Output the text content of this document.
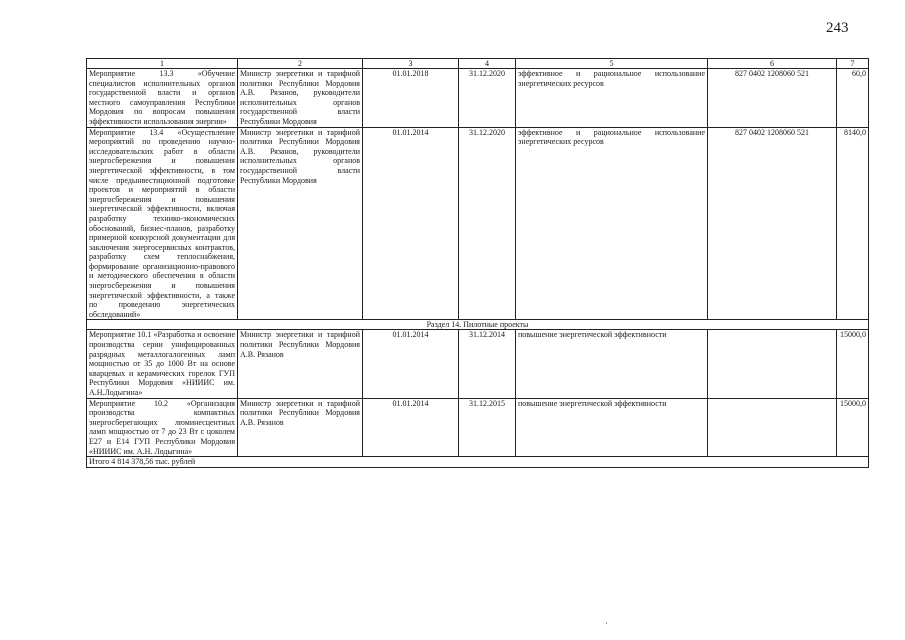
243
1	2	3	4	5	6	7
Мероприятие 13.3 «Обучение специалистов исполнительных органов государственной власти и органов местного самоуправления Республики Мордовия по вопросам повышения эффективности использования энергии»	Министр энергетики и тарифной политики Республики Мордовия А.В. Рязанов, руководители исполнительных органов государственной власти Республики Мордовия	01.01.2018	31.12.2020	эффективное и рациональное использование энергетических ресурсов	827 0402 1208060 521	60,0
Мероприятие 13.4 «Осуществление мероприятий по проведению научно-исследовательских работ в области энергосбережения и повышения энергетической эффективности, в том числе предынвестиционной подготовке проектов и мероприятий в области энергосбережения и повышения энергетической эффективности, включая разработку технико-экономических обоснований, бизнес-планов, разработку примерной конкурсной документации для заключения энергосервисных контрактов, разработку схем теплоснабжения, формирование организационно-правового и методического обеспечения в области энергосбережения и повышения энергетической эффективности, а также по проведению энергетических обследований»	Министр энергетики и тарифной политики Республики Мордовия А.В. Рязанов, руководители исполнительных органов государственной власти Республики Мордовия	01.01.2014	31.12.2020	эффективное и рациональное использование энергетических ресурсов	827 0402 1208060 521	8140,0
Раздел 14. Пилотные проекты						
Мероприятие 10.1 «Разработка и освоение производства серии унифицированных разрядных металлогалогенных ламп мощностью от 35 до 1000 Вт на основе кварцевых и керамических горелок ГУП Республики Мордовия «НИИИС им. А.Н.Лодыгина»	Министр энергетики и тарифной политики Республики Мордовия А.В. Рязанов	01.01.2014	31.12.2014	повышение энергетической эффективности		15000,0
Мероприятие 10.2 «Организация производства компактных энергосберегающих люминесцентных ламп мощностью от 7 до 23 Вт с цоколем Е27 и Е14 ГУП Республики Мордовия «НИИИС им. А.Н. Лодыгина»	Министр энергетики и тарифной политики Республики Мордовия А.В. Рязанов	01.01.2014	31.12.2015	повышение энергетической эффективности		15000,0
Итого 4 814 378,56 тыс. рублей						
